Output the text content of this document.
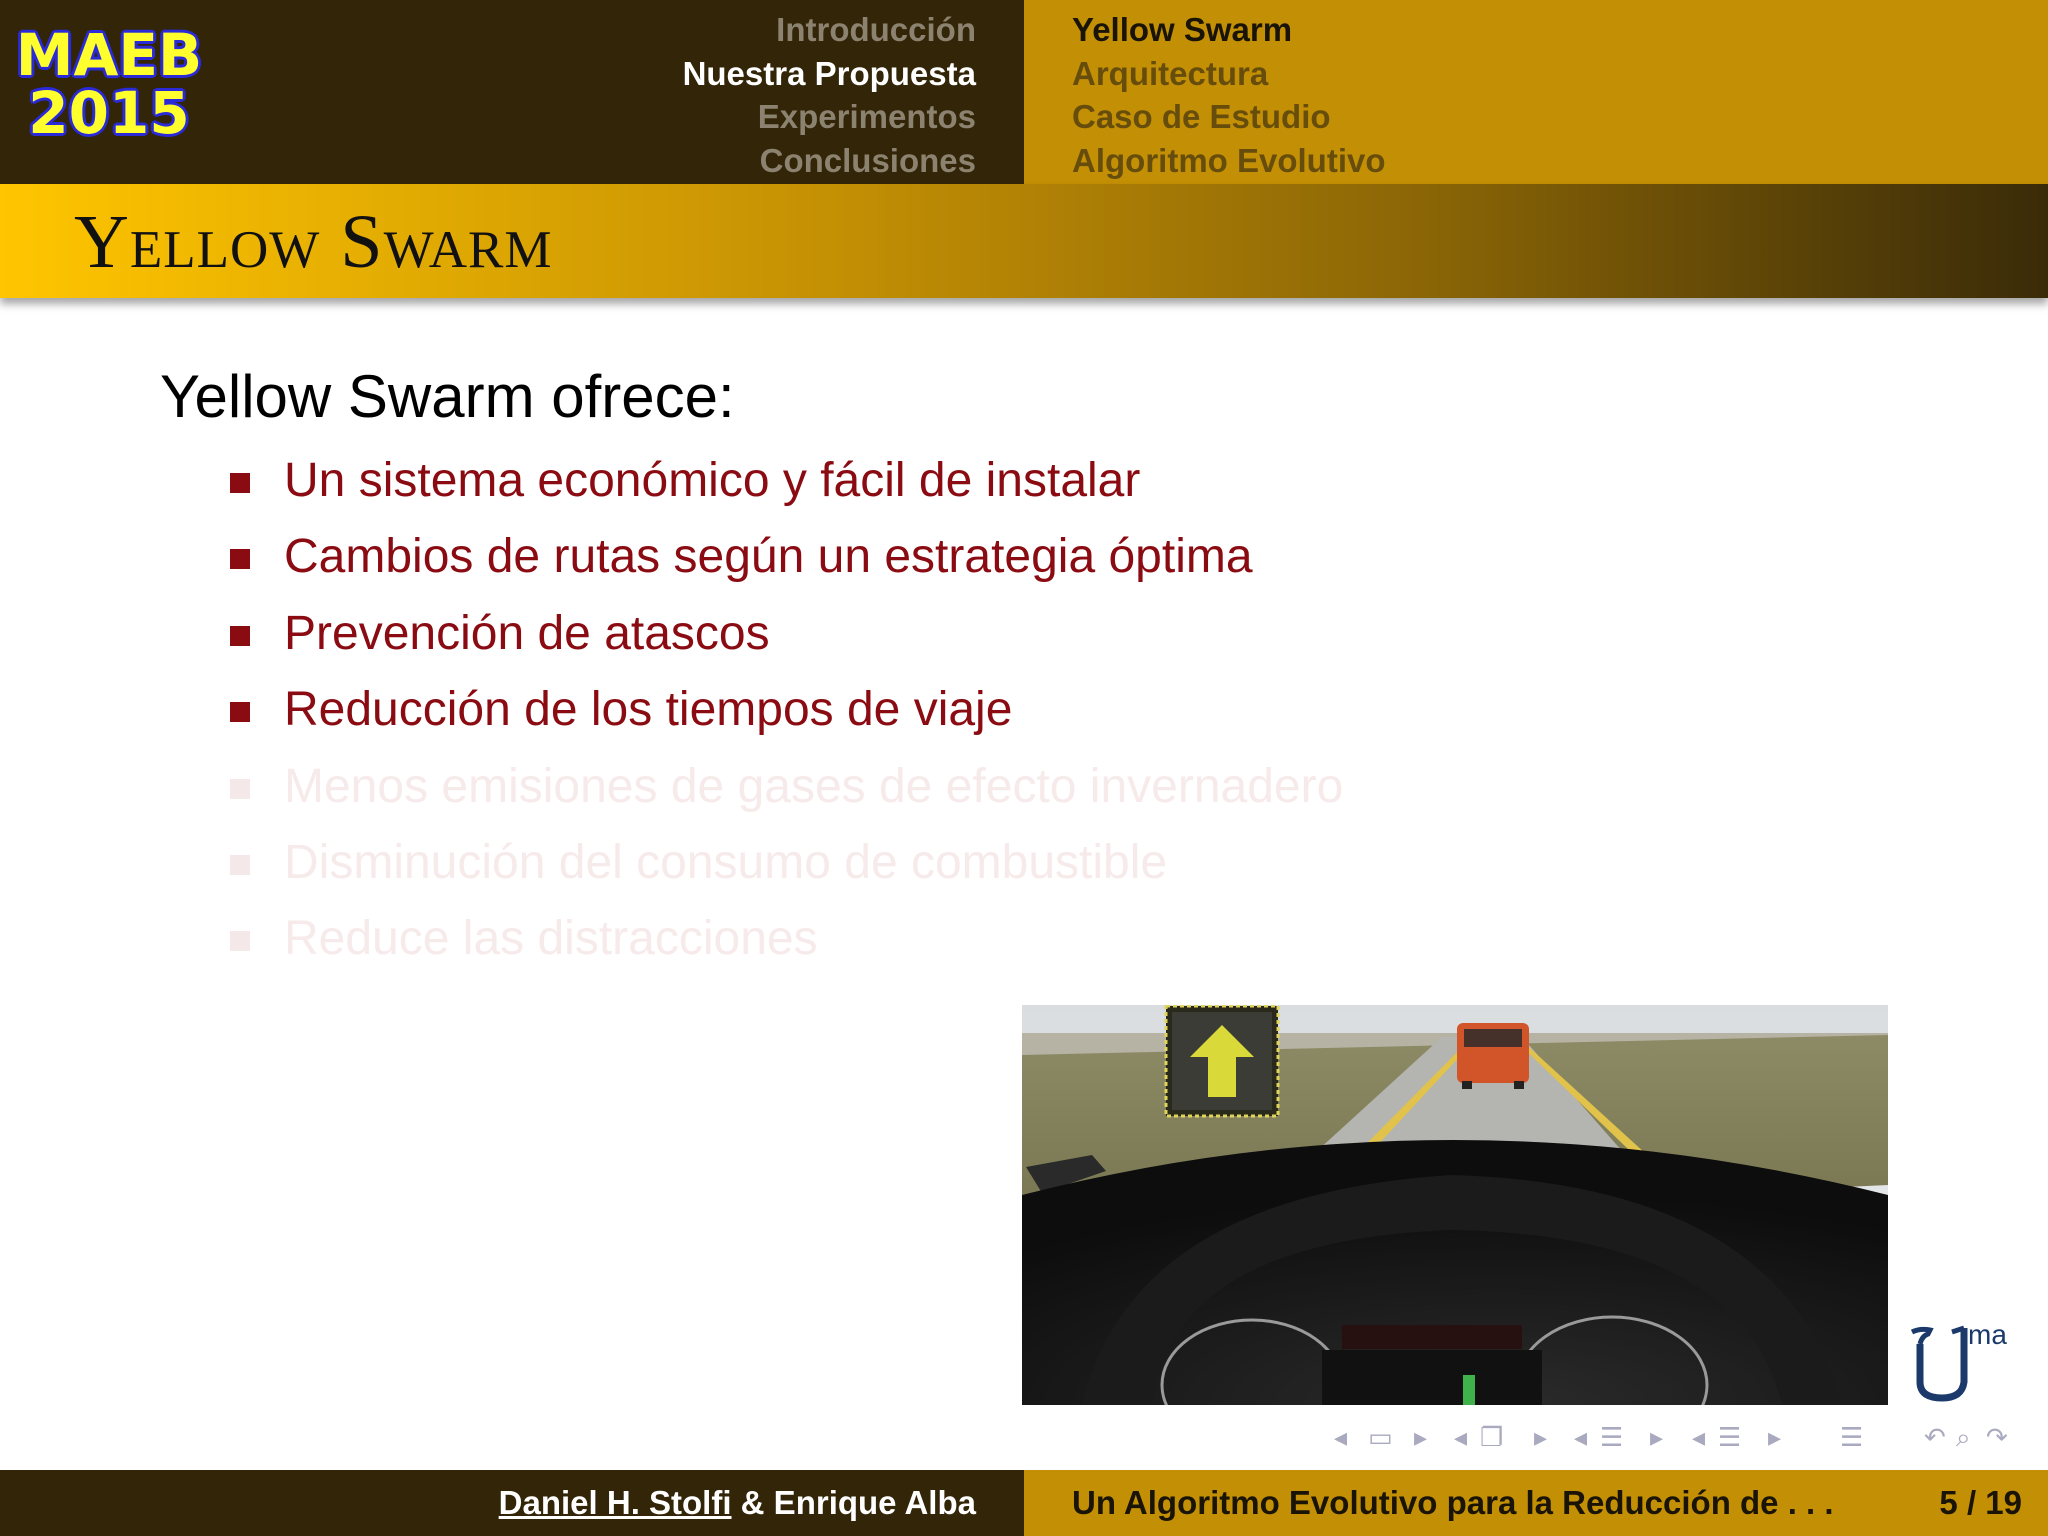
MAEB
2015
Introducción
Nuestra Propuesta
Experimentos
Conclusiones
Yellow Swarm
Arquitectura
Caso de Estudio
Algoritmo Evolutivo
Yellow Swarm
Yellow Swarm ofrece:
Un sistema económico y fácil de instalar
Cambios de rutas según un estrategia óptima
Prevención de atascos
Reducción de los tiempos de viaje
Menos emisiones de gases de efecto invernadero
Disminución del consumo de combustible
Reduce las distracciones
ma
◂ ▭ ▸ ◂ ❐ ▸ ◂ ☰ ▸ ◂ ☰ ▸ ☰ ↶ ⌕ ↷
Daniel H. Stolfi & Enrique Alba	Un Algoritmo Evolutivo para la Reducción de . . .	5 / 19
